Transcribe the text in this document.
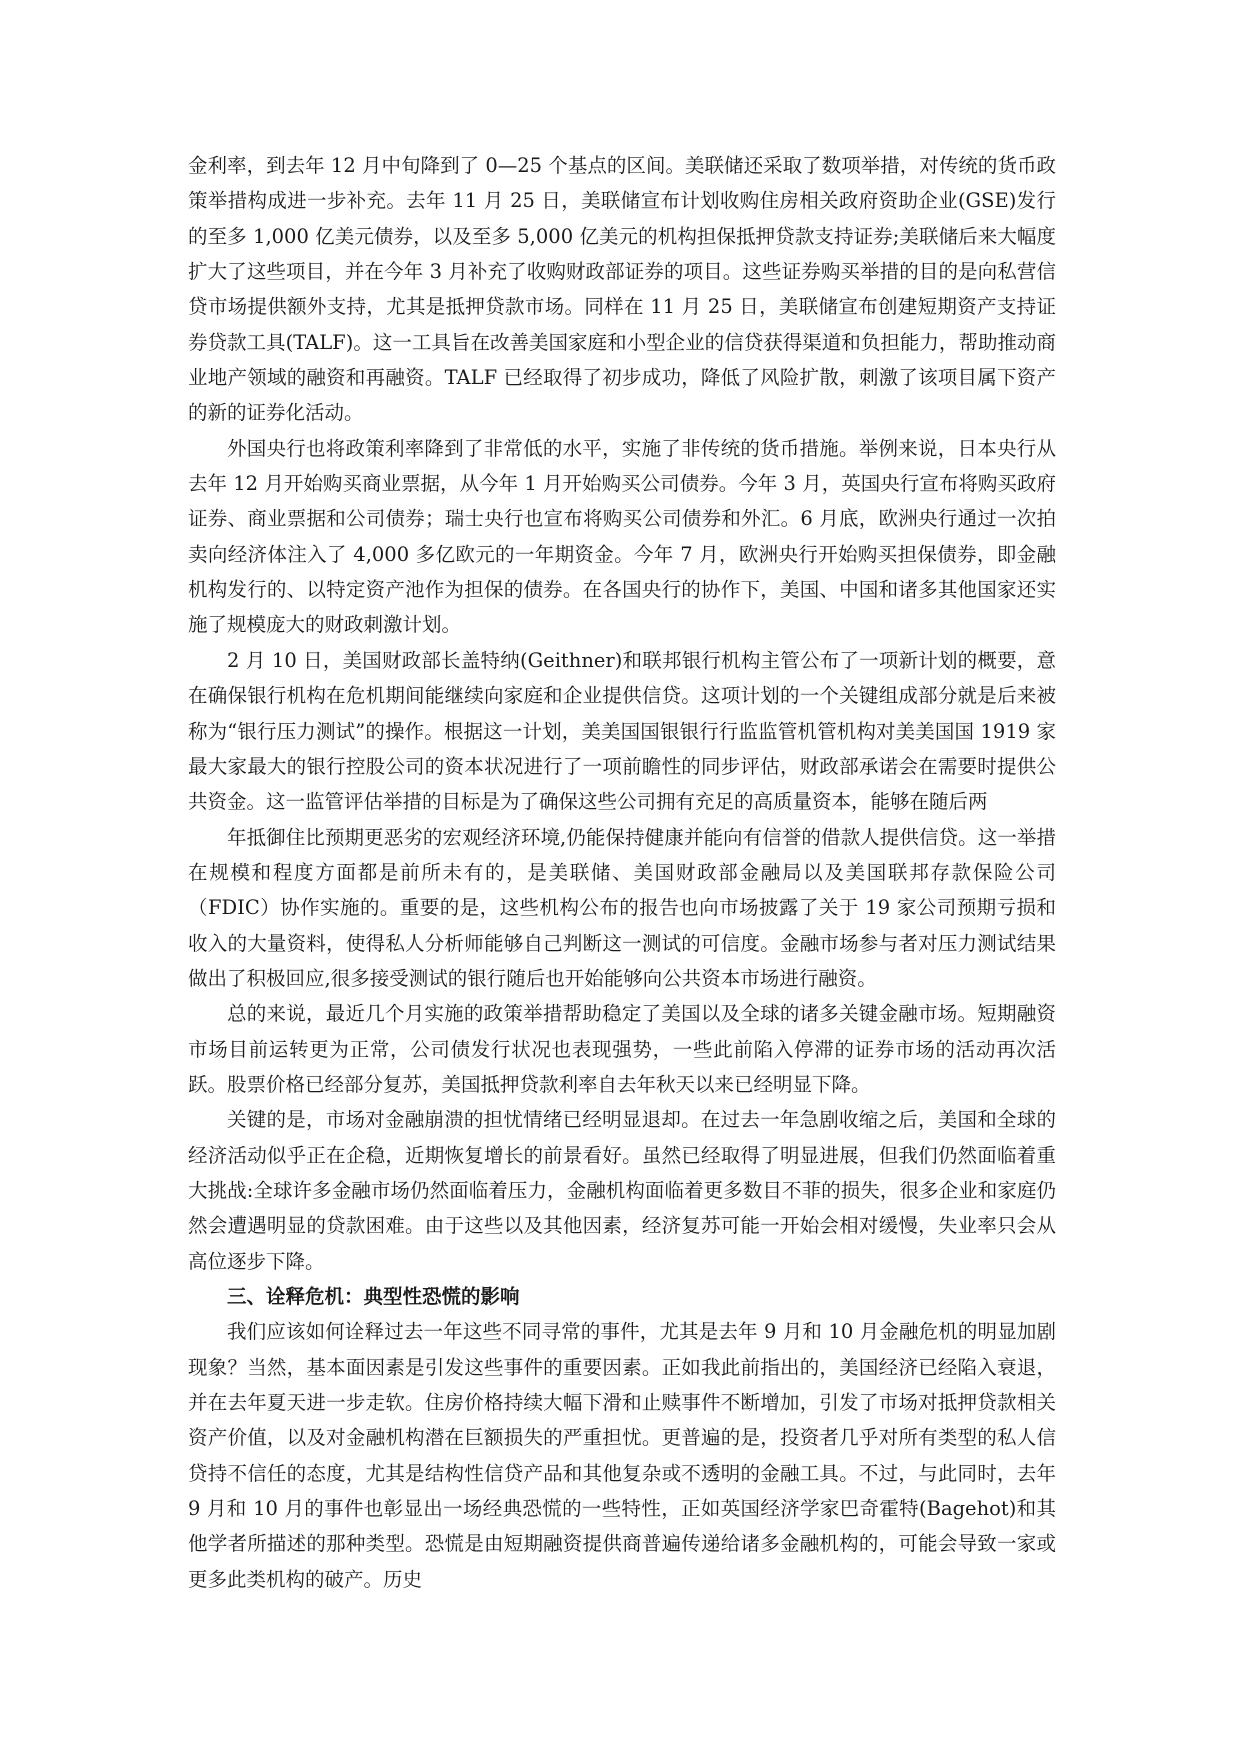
金利率，到去年 12 月中旬降到了 0—25 个基点的区间。美联储还采取了数项举措，对传统的货币政策举措构成进一步补充。去年 11 月 25 日，美联储宣布计划收购住房相关政府资助企业(GSE)发行的至多 1,000 亿美元债券，以及至多 5,000 亿美元的机构担保抵押贷款支持证券;美联储后来大幅度扩大了这些项目，并在今年 3 月补充了收购财政部证券的项目。这些证券购买举措的目的是向私营信贷市场提供额外支持，尤其是抵押贷款市场。同样在 11 月 25 日，美联储宣布创建短期资产支持证券贷款工具(TALF)。这一工具旨在改善美国家庭和小型企业的信贷获得渠道和负担能力，帮助推动商业地产领域的融资和再融资。TALF 已经取得了初步成功，降低了风险扩散，刺激了该项目属下资产的新的证券化活动。

外国央行也将政策利率降到了非常低的水平，实施了非传统的货币措施。举例来说，日本央行从去年 12 月开始购买商业票据，从今年 1 月开始购买公司债券。今年 3 月，英国央行宣布将购买政府证券、商业票据和公司债券；瑞士央行也宣布将购买公司债券和外汇。6 月底，欧洲央行通过一次拍卖向经济体注入了 4,000 多亿欧元的一年期资金。今年 7 月，欧洲央行开始购买担保债券，即金融机构发行的、以特定资产池作为担保的债券。在各国央行的协作下，美国、中国和诸多其他国家还实施了规模庞大的财政刺激计划。

2 月 10 日，美国财政部长盖特纳(Geithner)和联邦银行机构主管公布了一项新计划的概要，意在确保银行机构在危机期间能继续向家庭和企业提供信贷。这项计划的一个关键组成部分就是后来被称为“银行压力测试”的操作。根据这一计划，美美国国银银行行监监管机管机构对美美国国 1919 家最大家最大的银行控股公司的资本状况进行了一项前瞻性的同步评估，财政部承诺会在需要时提供公共资金。这一监管评估举措的目标是为了确保这些公司拥有充足的高质量资本，能够在随后两

年抵御住比预期更恶劣的宏观经济环境,仍能保持健康并能向有信誉的借款人提供信贷。这一举措在规模和程度方面都是前所未有的，是美联储、美国财政部金融局以及美国联邦存款保险公司（FDIC）协作实施的。重要的是，这些机构公布的报告也向市场披露了关于 19 家公司预期亏损和收入的大量资料，使得私人分析师能够自己判断这一测试的可信度。金融市场参与者对压力测试结果做出了积极回应,很多接受测试的银行随后也开始能够向公共资本市场进行融资。

总的来说，最近几个月实施的政策举措帮助稳定了美国以及全球的诸多关键金融市场。短期融资市场目前运转更为正常，公司债发行状况也表现强势，一些此前陷入停滞的证券市场的活动再次活跃。股票价格已经部分复苏，美国抵押贷款利率自去年秋天以来已经明显下降。

关键的是，市场对金融崩溃的担忧情绪已经明显退却。在过去一年急剧收缩之后，美国和全球的经济活动似乎正在企稳，近期恢复增长的前景看好。虽然已经取得了明显进展，但我们仍然面临着重大挑战:全球许多金融市场仍然面临着压力，金融机构面临着更多数目不菲的损失，很多企业和家庭仍然会遭遇明显的贷款困难。由于这些以及其他因素，经济复苏可能一开始会相对缓慢，失业率只会从高位逐步下降。

三、诠释危机：典型性恐慌的影响

我们应该如何诠释过去一年这些不同寻常的事件，尤其是去年 9 月和 10 月金融危机的明显加剧现象？当然，基本面因素是引发这些事件的重要因素。正如我此前指出的，美国经济已经陷入衰退，并在去年夏天进一步走软。住房价格持续大幅下滑和止赎事件不断增加，引发了市场对抵押贷款相关资产价值，以及对金融机构潜在巨额损失的严重担忧。更普遍的是，投资者几乎对所有类型的私人信贷持不信任的态度，尤其是结构性信贷产品和其他复杂或不透明的金融工具。不过，与此同时，去年 9 月和 10 月的事件也彰显出一场经典恐慌的一些特性，正如英国经济学家巴奇霍特(Bagehot)和其他学者所描述的那种类型。恐慌是由短期融资提供商普遍传递给诸多金融机构的，可能会导致一家或更多此类机构的破产。历史
